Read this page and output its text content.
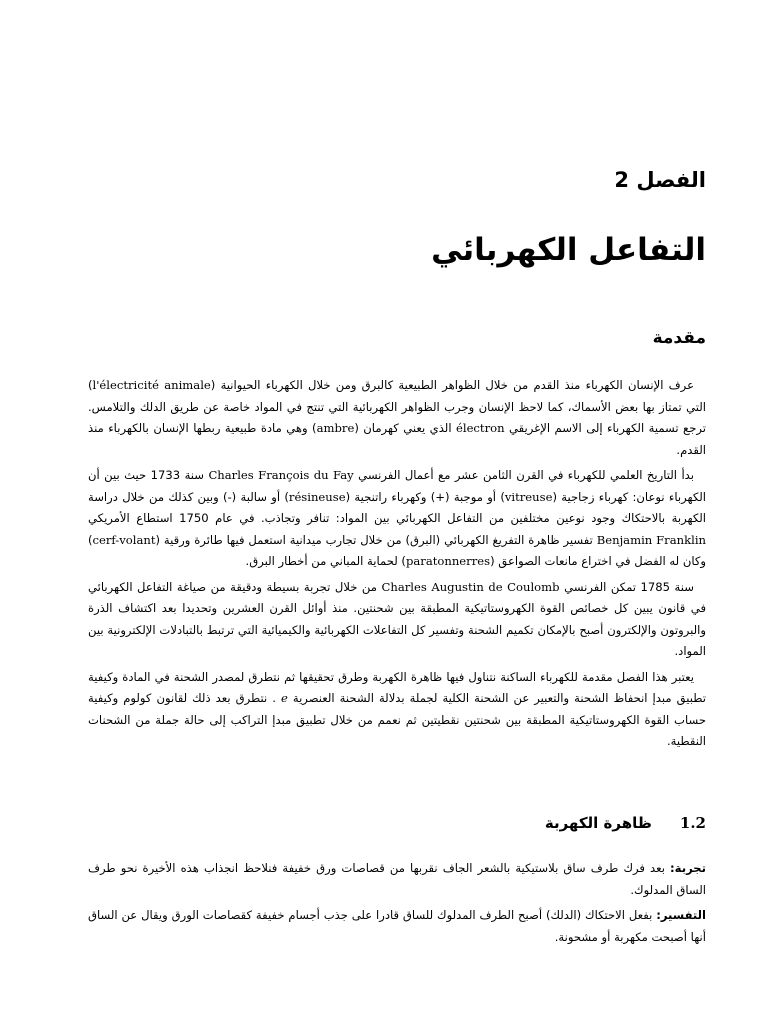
الفصل 2
التفاعل الكهربائي
مقدمة

عرف الإنسان الكهرباء منذ القدم من خلال الظواهر الطبيعية كالبرق ومن خلال الكهرباء الحيوانية (l'électricité animale) التي تمتاز بها بعض الأسماك، كما لاحظ الإنسان وجرب الظواهر الكهربائية التي تنتج في المواد خاصة عن طريق الدلك والتلامس. ترجع تسمية الكهرباء إلى الاسم الإغريقي électron الذي يعني كهرمان (ambre) وهي مادة طبيعية ربطها الإنسان بالكهرباء منذ القدم.

بدأ التاريخ العلمي للكهرباء في القرن الثامن عشر مع أعمال الفرنسي Charles François du Fay سنة 1733 حيث بين أن الكهرباء نوعان: كهرباء زجاجية (vitreuse) أو موجبة (+) وكهرباء راتنجية (résineuse) أو سالبة (-) وبين كذلك من خلال دراسة الكهربة بالاحتكاك وجود نوعين مختلفين من التفاعل الكهربائي بين المواد: تنافر وتجاذب. في عام 1750 استطاع الأمريكي Benjamin Franklin تفسير ظاهرة التفريغ الكهربائي (البرق) من خلال تجارب ميدانية استعمل فيها طائرة ورقية (cerf-volant) وكان له الفضل في اختراع مانعات الصواعق (paratonnerres) لحماية المباني من أخطار البرق.

سنة 1785 تمكن الفرنسي Charles Augustin de Coulomb من خلال تجربة بسيطة ودقيقة من صياغة التفاعل الكهربائي في قانون يبين كل خصائص القوة الكهروستاتيكية المطبقة بين شحنتين. منذ أوائل القرن العشرين وتحديدا بعد اكتشاف الذرة والبروتون والإلكترون أصبح بالإمكان تكميم الشحنة وتفسير كل التفاعلات الكهربائية والكيميائية التي ترتبط بالتبادلات الإلكترونية بين المواد.

يعتبر هذا الفصل مقدمة للكهرباء الساكنة نتناول فيها ظاهرة الكهربة وطرق تحقيقها ثم نتطرق لمصدر الشحنة في المادة وكيفية تطبيق مبدإ انحفاظ الشحنة والتعبير عن الشحنة الكلية لجملة بدلالة الشحنة العنصرية e . نتطرق بعد ذلك لقانون كولوم وكيفية حساب القوة الكهروستاتيكية المطبقة بين شحنتين نقطيتين ثم نعمم من خلال تطبيق مبدإ التراكب إلى حالة جملة من الشحنات النقطية.

1.2ظاهرة الكهربة

تجربة: بعد فرك طرف ساق بلاستيكية بالشعر الجاف نقربها من قصاصات ورق خفيفة فنلاحظ انجذاب هذه الأخيرة نحو طرف الساق المدلوك.

التفسير: بفعل الاحتكاك (الدلك) أصبح الطرف المدلوك للساق قادرا على جذب أجسام خفيفة كقصاصات الورق ويقال عن الساق أنها أصبحت مكهربة أو مشحونة.
